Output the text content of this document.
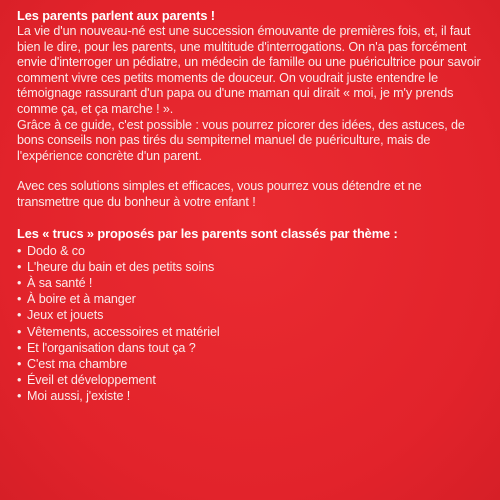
Les parents parlent aux parents !

La vie d'un nouveau-né est une succession émouvante de premières fois, et, il faut bien le dire, pour les parents, une multitude d'interrogations. On n'a pas forcément envie d'interroger un pédiatre, un médecin de famille ou une puéricultrice pour savoir comment vivre ces petits moments de douceur. On voudrait juste entendre le témoignage rassurant d'un papa ou d'une maman qui dirait « moi, je m'y prends comme ça, et ça marche ! ».

Grâce à ce guide, c'est possible : vous pourrez picorer des idées, des astuces, de bons conseils non pas tirés du sempiternel manuel de puériculture, mais de l'expérience concrète d'un parent.

Avec ces solutions simples et efficaces, vous pourrez vous détendre et ne transmettre que du bonheur à votre enfant !

Les « trucs » proposés par les parents sont classés par thème :

• Dodo & co
• L'heure du bain et des petits soins
• À sa santé !
• À boire et à manger
• Jeux et jouets
• Vêtements, accessoires et matériel
• Et l'organisation dans tout ça ?
• C'est ma chambre
• Éveil et développement
• Moi aussi, j'existe !
